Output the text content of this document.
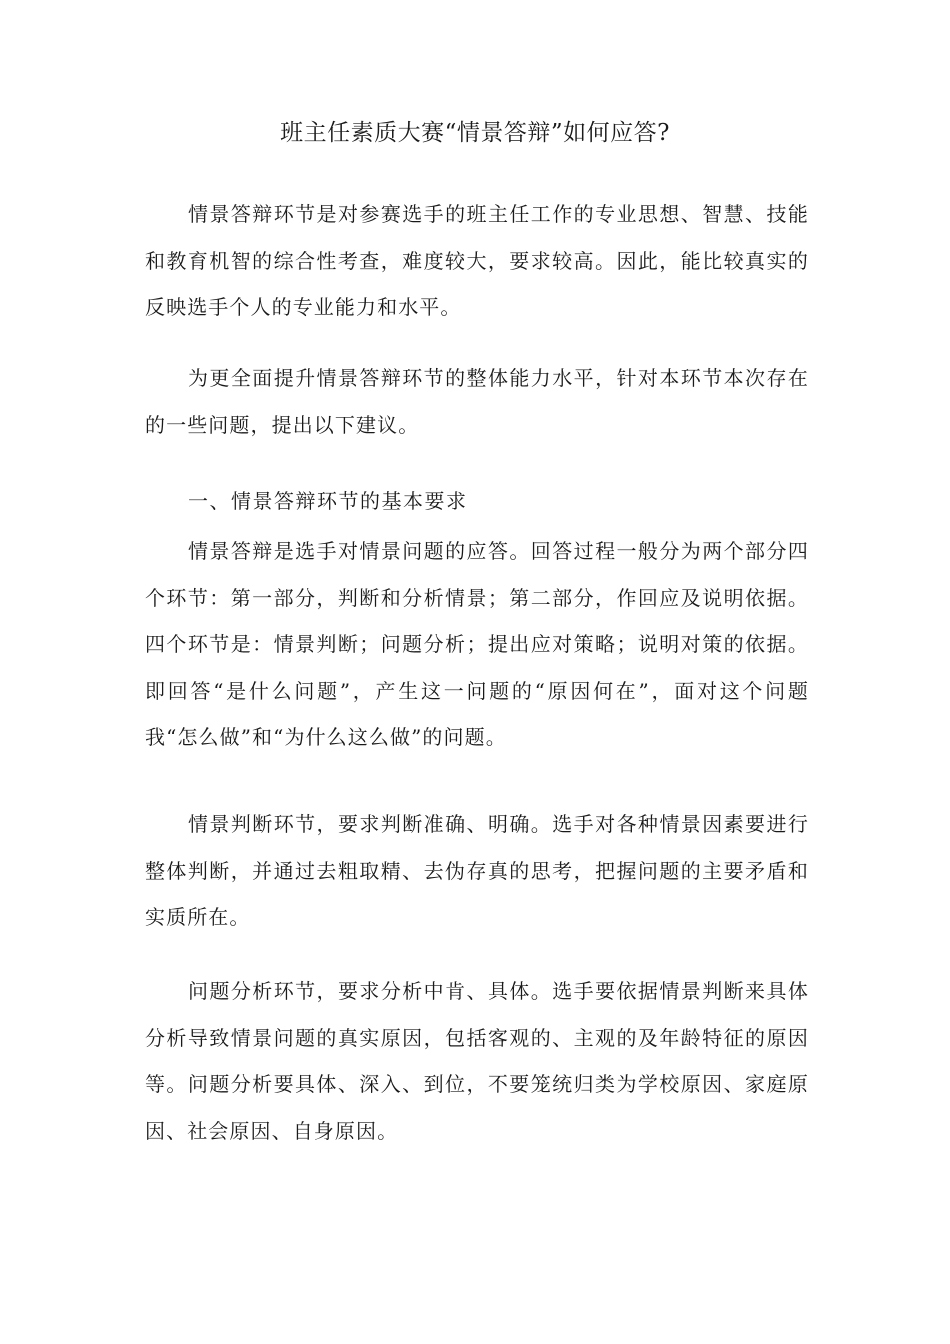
班主任素质大赛“情景答辩”如何应答?

情景答辩环节是对参赛选手的班主任工作的专业思想、智慧、技能和教育机智的综合性考查，难度较大，要求较高。因此，能比较真实的反映选手个人的专业能力和水平。

为更全面提升情景答辩环节的整体能力水平，针对本环节本次存在的一些问题，提出以下建议。

一、情景答辩环节的基本要求

情景答辩是选手对情景问题的应答。回答过程一般分为两个部分四个环节：第一部分，判断和分析情景；第二部分，作回应及说明依据。四个环节是：情景判断；问题分析；提出应对策略；说明对策的依据。即回答“是什么问题”，产生这一问题的“原因何在”，面对这个问题我“怎么做”和“为什么这么做”的问题。

情景判断环节，要求判断准确、明确。选手对各种情景因素要进行整体判断，并通过去粗取精、去伪存真的思考，把握问题的主要矛盾和实质所在。

问题分析环节，要求分析中肯、具体。选手要依据情景判断来具体分析导致情景问题的真实原因，包括客观的、主观的及年龄特征的原因等。问题分析要具体、深入、到位，不要笼统归类为学校原因、家庭原因、社会原因、自身原因。
